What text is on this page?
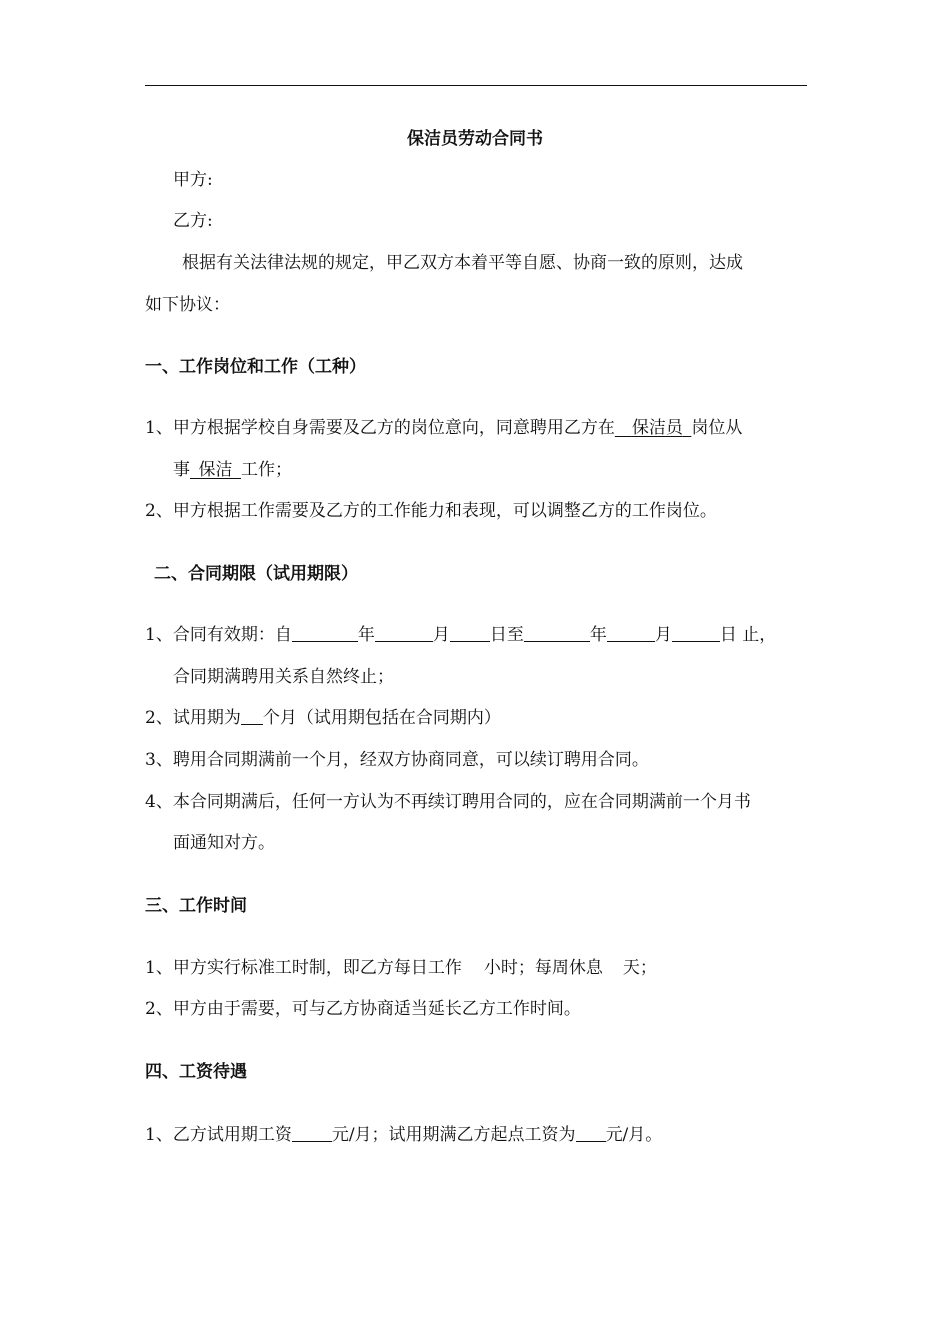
保洁员劳动合同书
甲方:
乙方:
根据有关法律法规的规定，甲乙双方本着平等自愿、协商一致的原则，达成
如下协议：
一、工作岗位和工作（工种）
1、甲方根据学校自身需要及乙方的岗位意向，同意聘用乙方在  保洁员  岗位从
事  保洁  工作；
2、甲方根据工作需要及乙方的工作能力和表现，可以调整乙方的工作岗位。
二、合同期限（试用期限）
1、合同有效期：自	年	月 日至	年	月	日 止，
合同期满聘用关系自然终止；
2、试用期为 个月（试用期包括在合同期内）
3、聘用合同期满前一个月，经双方协商同意，可以续订聘用合同。
4、本合同期满后，任何一方认为不再续订聘用合同的，应在合同期满前一个月书
面通知对方。
三、工作时间
1、甲方实行标准工时制，即乙方每日工作 小时；每周休息 天；
2、甲方由于需要，可与乙方协商适当延长乙方工作时间。
四、工资待遇
1、乙方试用期工资 元/月；试用期满乙方起点工资为 元/月。
